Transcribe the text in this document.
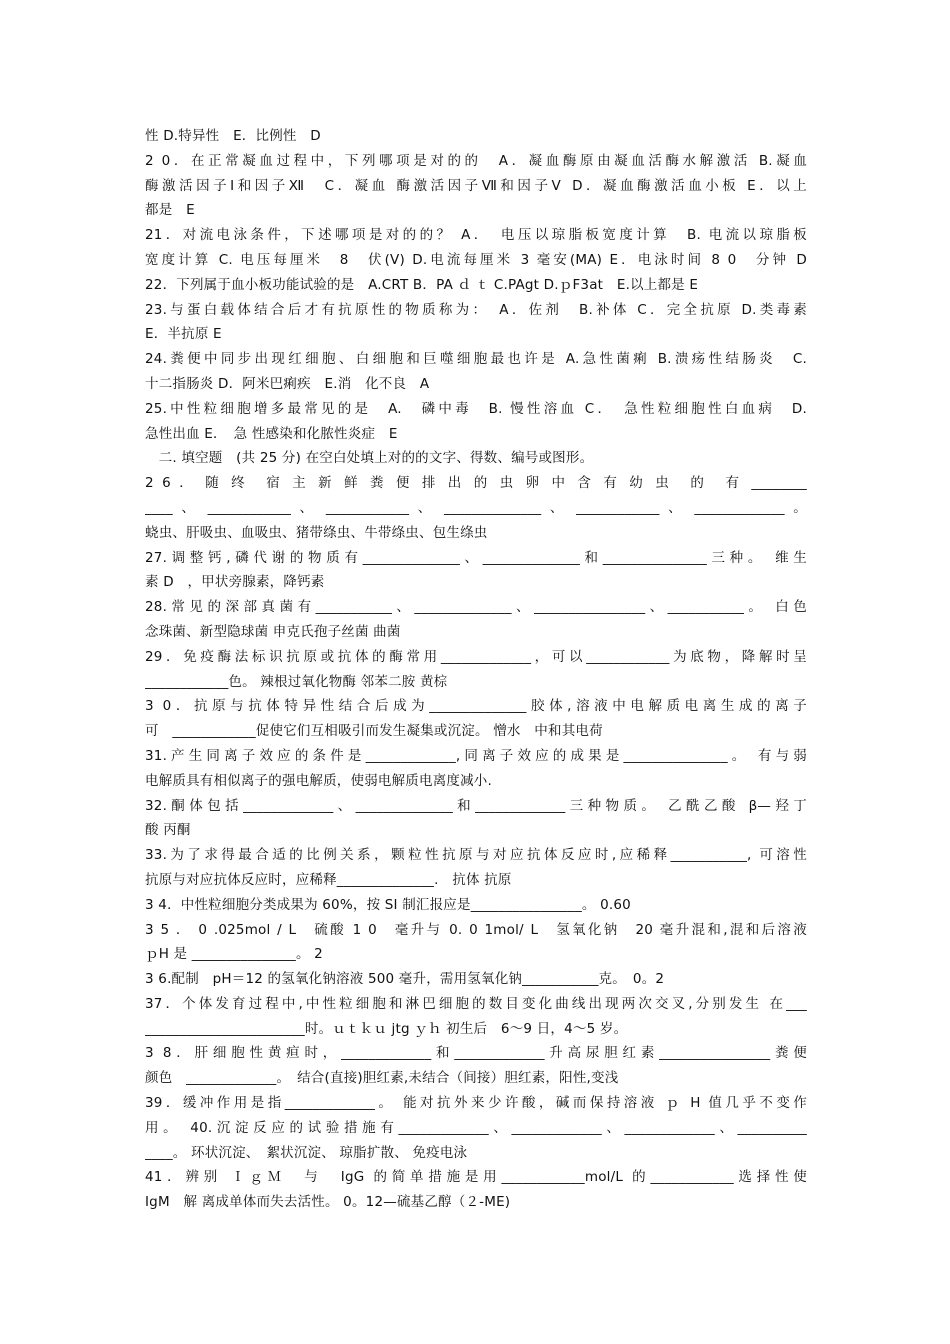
性 D.特异性　E．比例性　D
2 0．在正常凝血过程中，下列哪项是对的的　A．凝血酶原由凝血活酶水解激活 B.凝血
酶激活因子Ⅰ和因子Ⅻ　C．凝血 酶激活因子Ⅶ和因子Ⅴ D．凝血酶激活血小板 E．以上
都是　E
21．对流电泳条件，下述哪项是对的的？ A．　电压以琼脂板宽度计算　B. 电流以琼脂板
宽度计算 C. 电压每厘米　8　伏(V) D.电流每厘米 3 毫安(MA) E．电泳时间 8 0　分钟 D
22．下列属于血小板功能试验的是　A.CRT B．PA ｄ ｔ C.PAgt D.ｐF3at　E.以上都是 E
23.与蛋白载体结合后才有抗原性的物质称为：　A．佐剂　B.补体 C．完全抗原 D.类毒素
E．半抗原 E
24.粪便中同步出现红细胞、白细胞和巨噬细胞最也许是 A.急性菌痢 B.溃疡性结肠炎　C.
十二指肠炎 D．阿米巴痢疾　E.消　化不良　A
25.中性粒细胞增多最常见的是　A.　磷中毒　B. 慢性溶血 C．　急性粒细胞性白血病　D.
急性出血 E．　急 性感染和化脓性炎症　E
　二. 填空题　(共 25 分) 在空白处填上对的的文字、得数、编号或图形。
2 6 ． 随 终　宿 主 新 鲜 粪 便 排 出 的 虫 卵 中 含 有 幼 虫　的　有 ________
____ 、 ____________ 、 ____________ 、 ______________ 、 ____________ 、 _____________ 。
蛲虫、肝吸虫、血吸虫、猪带绦虫、牛带绦虫、包生绦虫
27.调整钙,磷代谢的物质有______________、______________和_______________三种。 维生
素 D　，甲状旁腺素，降钙素
28.常见的深部真菌有___________、______________、________________、___________。 白色
念珠菌、新型隐球菌 申克氏孢子丝菌 曲菌
29．免疫酶法标识抗原或抗体的酶常用_____________，可以____________为底物，降解时呈
____________色。 辣根过氧化物酶 邻苯二胺 黄棕
3 0．抗原与抗体特异性结合后成为______________胶体,溶液中电解质电离生成的离子
可　____________促使它们互相吸引而发生凝集或沉淀。 憎水　中和其电荷
31.产生同离子效应的条件是_____________,同离子效应的成果是_______________。 有与弱
电解质具有相似离子的强电解质，使弱电解质电离度减小.
32.酮体包括_____________、______________和_____________三种物质。 乙酰乙酸 β—羟丁
酸 丙酮
33.为了求得最合适的比例关系，颗粒性抗原与对应抗体反应时,应稀释___________, 可溶性
抗原与对应抗体反应时，应稀释______________.　抗体 抗原
3 4．中性粒细胞分类成果为 60%，按 SI 制汇报应是________________。 0.60
3 5 ． 0 .025mol / L　硫酸 1 0　毫升与 0. 0 1mol/ L　氢氧化钠　20 毫升混和,混和后溶液
ｐH 是 _______________。 2
3 6.配制　pH＝12 的氢氧化钠溶液 500 毫升，需用氢氧化钠___________克。　0。2
37．个体发育过程中,中性粒细胞和淋巴细胞的数目变化曲线出现两次交叉,分别发生 在___
_______________________时。ｕｔｋｕ jtg ｙｈ 初生后　6～9 日，4～5 岁。
3 8．肝细胞性黄疸时，_____________和_____________升高尿胆红素________________粪便
颜色　_____________。　结合(直接)胆红素,未结合（间接）胆红素，阳性,变浅
39．缓冲作用是指_____________。 能对抗外来少许酸，碱而保持溶液 ｐ H 值几乎不变作
用。 40.沉淀反应的试验措施有_____________、_____________、_____________、__________
____。 环状沉淀、　絮状沉淀、 琼脂扩散、 免疫电泳
41．辨别 ＩｇＭ　与　IgG 的简单措施是用____________mol/L 的____________选择性使
IgM　解 离成单体而失去活性。 0。12—硫基乙醇（２-ME)
